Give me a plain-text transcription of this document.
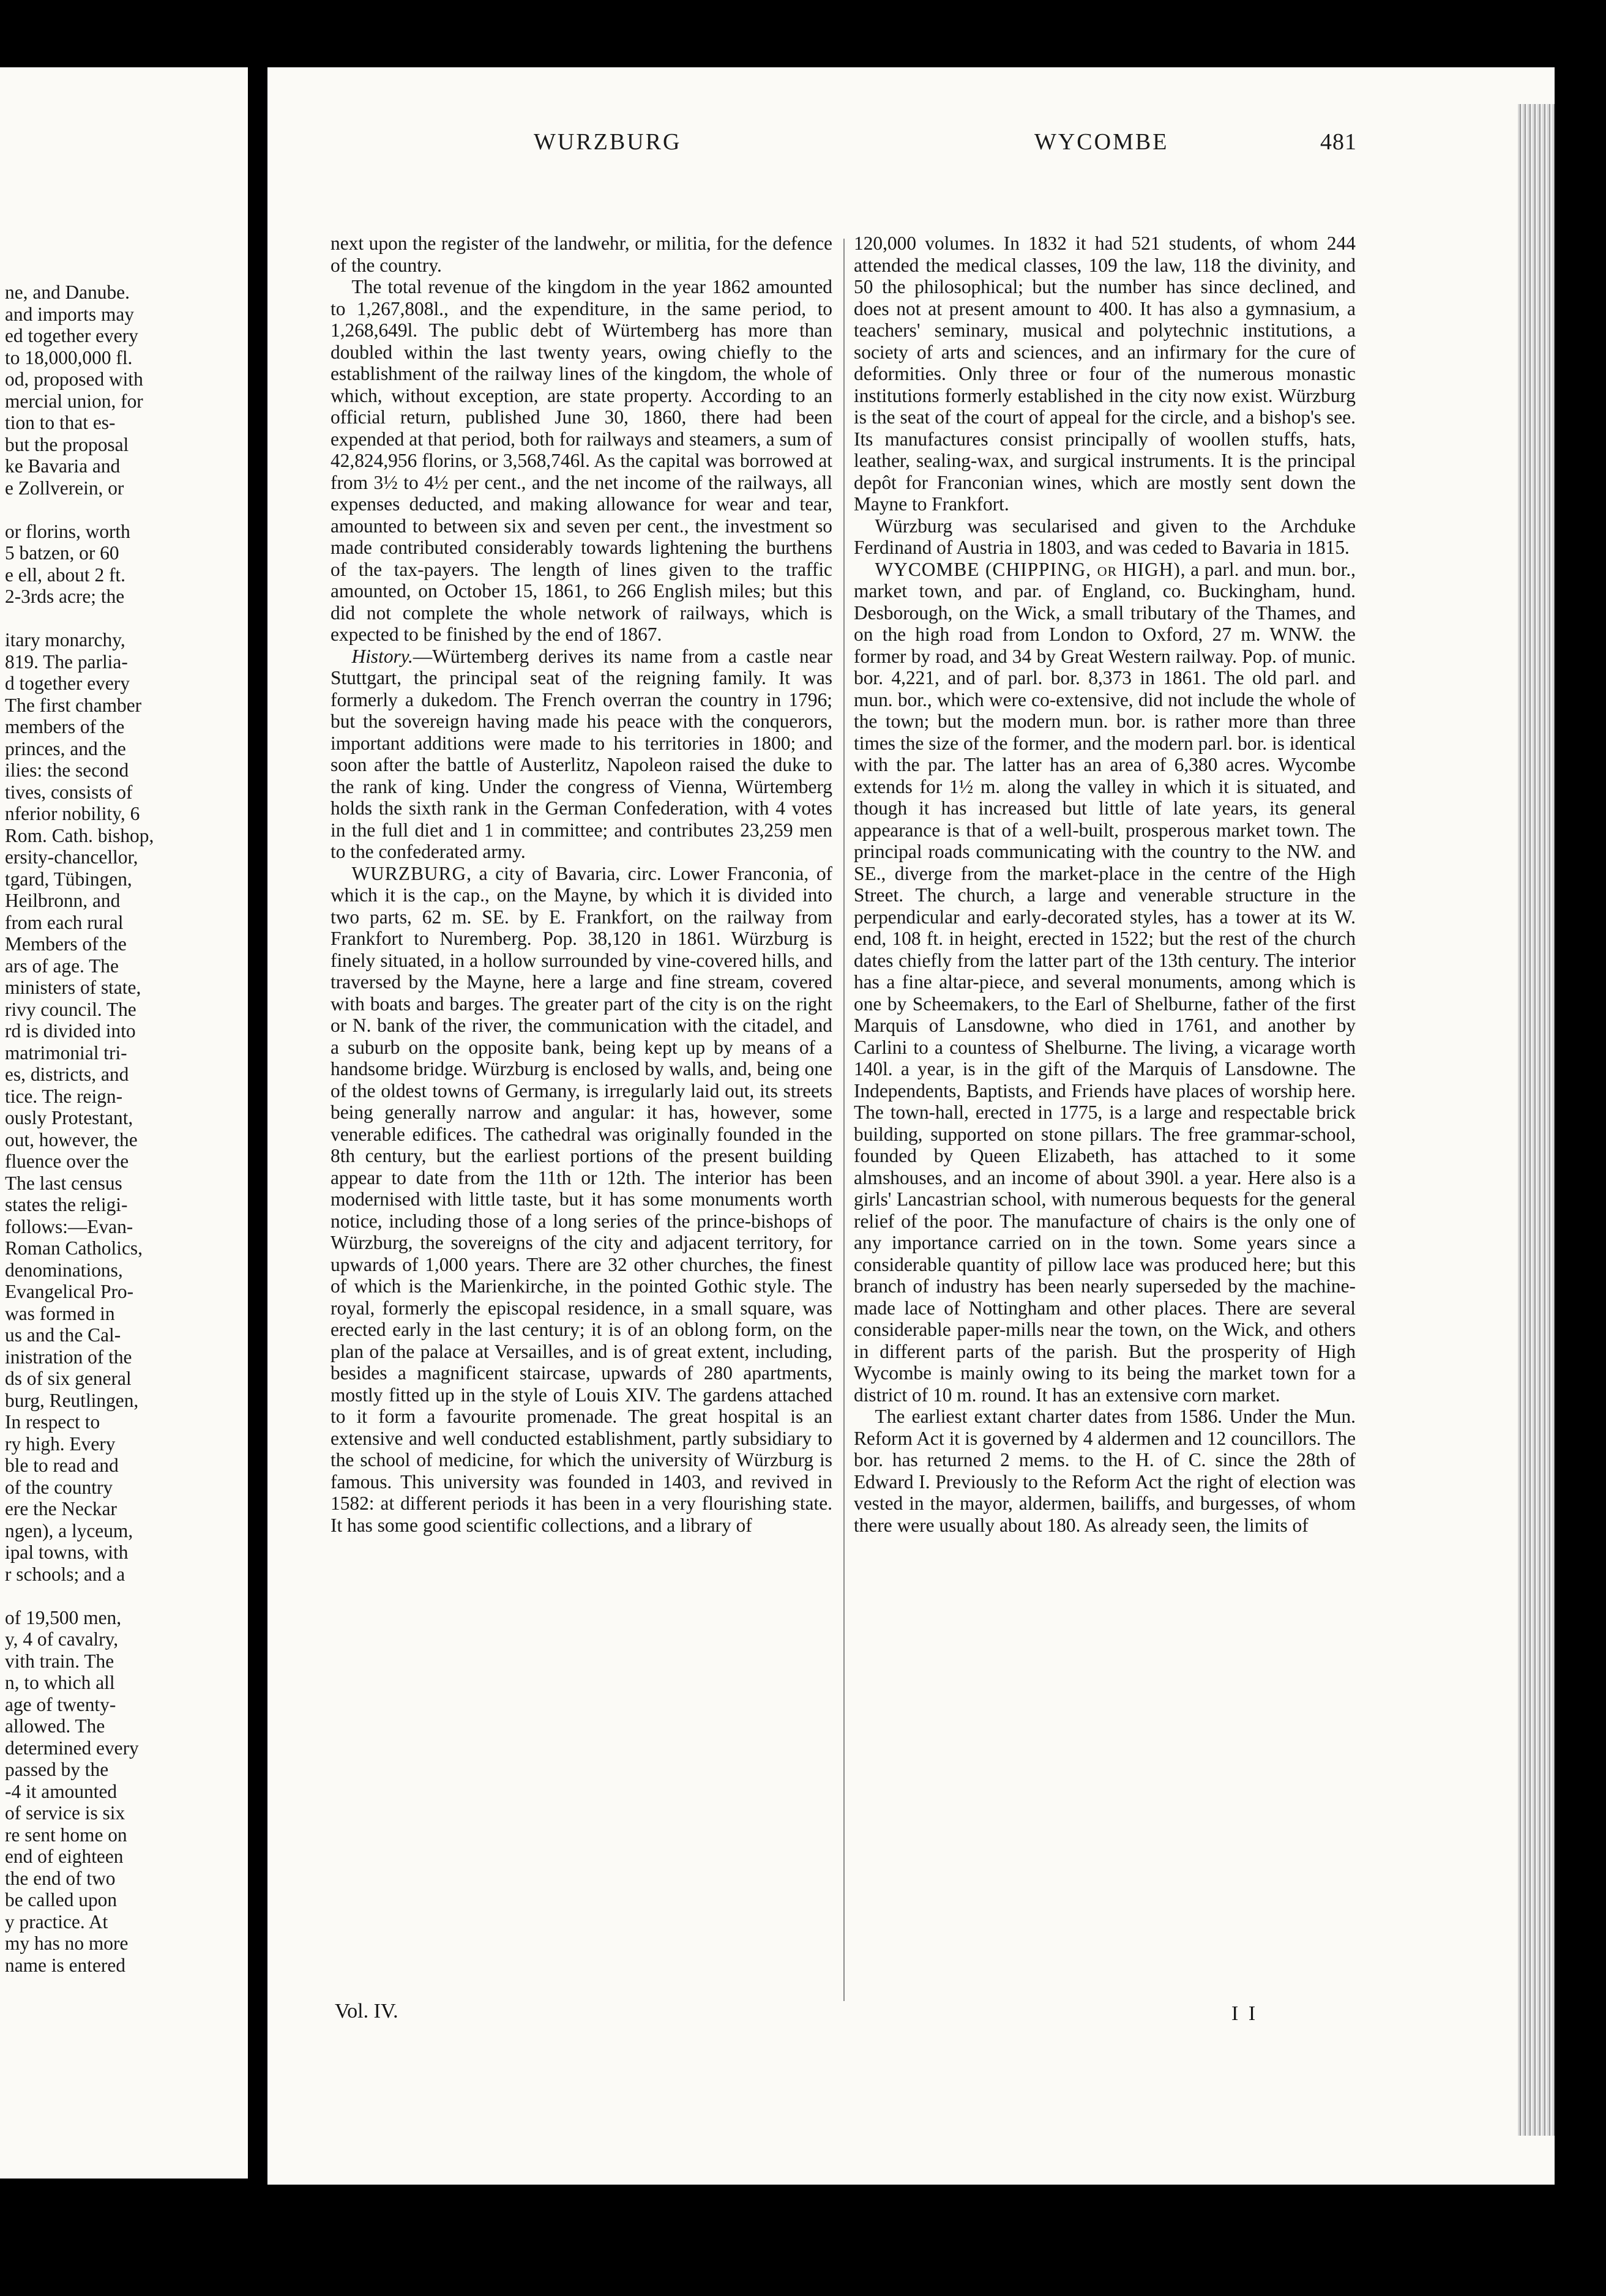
ne, and Danube.
and imports may
ed together every
to 18,000,000 fl.
od, proposed with
mercial union, for
tion to that es-
but the proposal
ke Bavaria and
e Zollverein, or
or florins, worth
5 batzen, or 60
e ell, about 2 ft.
2-3rds acre; the
itary monarchy,
819. The parlia-
d together every
The first chamber
members of the
princes, and the
ilies: the second
tives, consists of
nferior nobility, 6
Rom. Cath. bishop,
ersity-chancellor,
tgard, Tübingen,
Heilbronn, and
from each rural
Members of the
ars of age. The
ministers of state,
rivy council. The
rd is divided into
matrimonial tri-
es, districts, and
tice. The reign-
ously Protestant,
out, however, the
fluence over the
The last census
states the religi-
follows:—Evan-
Roman Catholics,
denominations,
Evangelical Pro-
was formed in
us and the Cal-
inistration of the
ds of six general
burg, Reutlingen,
In respect to
ry high. Every
ble to read and
of the country
ere the Neckar
ngen), a lyceum,
ipal towns, with
r schools; and a
of 19,500 men,
y, 4 of cavalry,
vith train. The
n, to which all
age of twenty-
allowed. The
determined every
passed by the
-4 it amounted
of service is six
re sent home on
end of eighteen
the end of two
be called upon
y practice. At
my has no more
name is entered
WURZBURG	WYCOMBE	481

next upon the register of the landwehr, or militia, for the defence of the country.

The total revenue of the kingdom in the year 1862 amounted to 1,267,808l., and the expenditure, in the same period, to 1,268,649l. The public debt of Würtemberg has more than doubled within the last twenty years, owing chiefly to the establishment of the railway lines of the kingdom, the whole of which, without exception, are state property. According to an official return, published June 30, 1860, there had been expended at that period, both for railways and steamers, a sum of 42,824,956 florins, or 3,568,746l. As the capital was borrowed at from 3½ to 4½ per cent., and the net income of the railways, all expenses deducted, and making allowance for wear and tear, amounted to between six and seven per cent., the investment so made contributed considerably towards lightening the burthens of the tax-payers. The length of lines given to the traffic amounted, on October 15, 1861, to 266 English miles; but this did not complete the whole network of railways, which is expected to be finished by the end of 1867.

History.—Würtemberg derives its name from a castle near Stuttgart, the principal seat of the reigning family. It was formerly a dukedom. The French overran the country in 1796; but the sovereign having made his peace with the conquerors, important additions were made to his territories in 1800; and soon after the battle of Austerlitz, Napoleon raised the duke to the rank of king. Under the congress of Vienna, Würtemberg holds the sixth rank in the German Confederation, with 4 votes in the full diet and 1 in committee; and contributes 23,259 men to the confederated army.

WURZBURG, a city of Bavaria, circ. Lower Franconia, of which it is the cap., on the Mayne, by which it is divided into two parts, 62 m. SE. by E. Frankfort, on the railway from Frankfort to Nuremberg. Pop. 38,120 in 1861. Würzburg is finely situated, in a hollow surrounded by vine-covered hills, and traversed by the Mayne, here a large and fine stream, covered with boats and barges. The greater part of the city is on the right or N. bank of the river, the communication with the citadel, and a suburb on the opposite bank, being kept up by means of a handsome bridge. Würzburg is enclosed by walls, and, being one of the oldest towns of Germany, is irregularly laid out, its streets being generally narrow and angular: it has, however, some venerable edifices. The cathedral was originally founded in the 8th century, but the earliest portions of the present building appear to date from the 11th or 12th. The interior has been modernised with little taste, but it has some monuments worth notice, including those of a long series of the prince-bishops of Würzburg, the sovereigns of the city and adjacent territory, for upwards of 1,000 years. There are 32 other churches, the finest of which is the Marienkirche, in the pointed Gothic style. The royal, formerly the episcopal residence, in a small square, was erected early in the last century; it is of an oblong form, on the plan of the palace at Versailles, and is of great extent, including, besides a magnificent staircase, upwards of 280 apartments, mostly fitted up in the style of Louis XIV. The gardens attached to it form a favourite promenade. The great hospital is an extensive and well conducted establishment, partly subsidiary to the school of medicine, for which the university of Würzburg is famous. This university was founded in 1403, and revived in 1582: at different periods it has been in a very flourishing state. It has some good scientific collections, and a library of

120,000 volumes. In 1832 it had 521 students, of whom 244 attended the medical classes, 109 the law, 118 the divinity, and 50 the philosophical; but the number has since declined, and does not at present amount to 400. It has also a gymnasium, a teachers' seminary, musical and polytechnic institutions, a society of arts and sciences, and an infirmary for the cure of deformities. Only three or four of the numerous monastic institutions formerly established in the city now exist. Würzburg is the seat of the court of appeal for the circle, and a bishop's see. Its manufactures consist principally of woollen stuffs, hats, leather, sealing-wax, and surgical instruments. It is the principal depôt for Franconian wines, which are mostly sent down the Mayne to Frankfort.

Würzburg was secularised and given to the Archduke Ferdinand of Austria in 1803, and was ceded to Bavaria in 1815.

WYCOMBE (CHIPPING, or HIGH), a parl. and mun. bor., market town, and par. of England, co. Buckingham, hund. Desborough, on the Wick, a small tributary of the Thames, and on the high road from London to Oxford, 27 m. WNW. the former by road, and 34 by Great Western railway. Pop. of munic. bor. 4,221, and of parl. bor. 8,373 in 1861. The old parl. and mun. bor., which were co-extensive, did not include the whole of the town; but the modern mun. bor. is rather more than three times the size of the former, and the modern parl. bor. is identical with the par. The latter has an area of 6,380 acres. Wycombe extends for 1½ m. along the valley in which it is situated, and though it has increased but little of late years, its general appearance is that of a well-built, prosperous market town. The principal roads communicating with the country to the NW. and SE., diverge from the market-place in the centre of the High Street. The church, a large and venerable structure in the perpendicular and early-decorated styles, has a tower at its W. end, 108 ft. in height, erected in 1522; but the rest of the church dates chiefly from the latter part of the 13th century. The interior has a fine altar-piece, and several monuments, among which is one by Scheemakers, to the Earl of Shelburne, father of the first Marquis of Lansdowne, who died in 1761, and another by Carlini to a countess of Shelburne. The living, a vicarage worth 140l. a year, is in the gift of the Marquis of Lansdowne. The Independents, Baptists, and Friends have places of worship here. The town-hall, erected in 1775, is a large and respectable brick building, supported on stone pillars. The free grammar-school, founded by Queen Elizabeth, has attached to it some almshouses, and an income of about 390l. a year. Here also is a girls' Lancastrian school, with numerous bequests for the general relief of the poor. The manufacture of chairs is the only one of any importance carried on in the town. Some years since a considerable quantity of pillow lace was produced here; but this branch of industry has been nearly superseded by the machine-made lace of Nottingham and other places. There are several considerable paper-mills near the town, on the Wick, and others in different parts of the parish. But the prosperity of High Wycombe is mainly owing to its being the market town for a district of 10 m. round. It has an extensive corn market.

The earliest extant charter dates from 1586. Under the Mun. Reform Act it is governed by 4 aldermen and 12 councillors. The bor. has returned 2 mems. to the H. of C. since the 28th of Edward I. Previously to the Reform Act the right of election was vested in the mayor, aldermen, bailiffs, and burgesses, of whom there were usually about 180. As already seen, the limits of

Vol. IV.	I I
